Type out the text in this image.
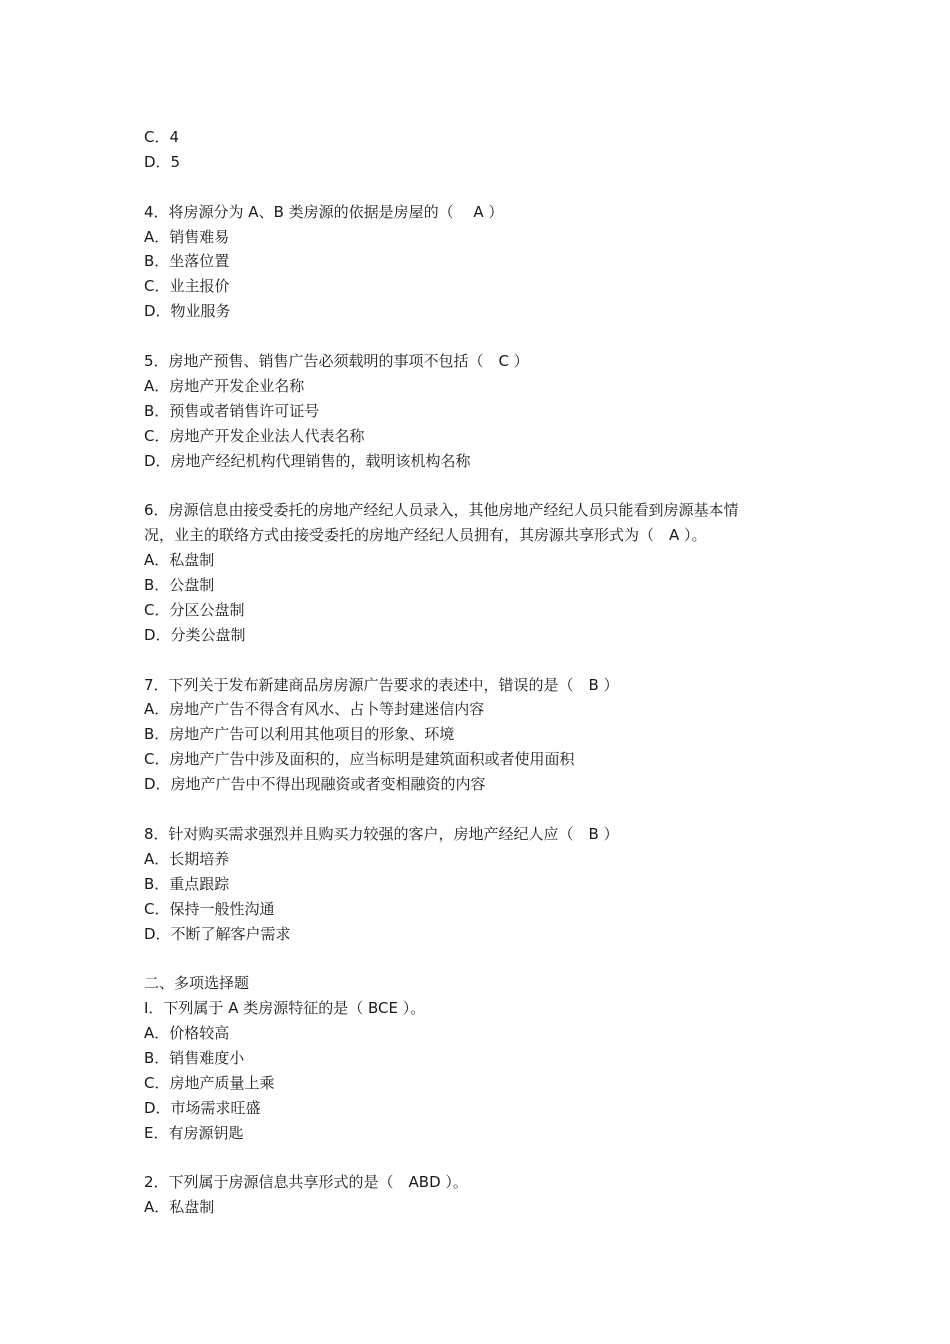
C．4
D．5
4．将房源分为 A、B 类房源的依据是房屋的（　 A ）
A．销售难易
B．坐落位置
C．业主报价
D．物业服务
5．房地产预售、销售广告必须载明的事项不包括（　C ）
A．房地产开发企业名称
B．预售或者销售许可证号
C．房地产开发企业法人代表名称
D．房地产经纪机构代理销售的，载明该机构名称
6．房源信息由接受委托的房地产经纪人员录入，其他房地产经纪人员只能看到房源基本情
况，业主的联络方式由接受委托的房地产经纪人员拥有，其房源共享形式为（　A ）。
A．私盘制
B．公盘制
C．分区公盘制
D．分类公盘制
7．下列关于发布新建商品房房源广告要求的表述中，错误的是（　B ）
A．房地产广告不得含有风水、占卜等封建迷信内容
B．房地产广告可以利用其他项目的形象、环境
C．房地产广告中涉及面积的，应当标明是建筑面积或者使用面积
D．房地产广告中不得出现融资或者变相融资的内容
8．针对购买需求强烈并且购买力较强的客户，房地产经纪人应（　B ）
A．长期培养
B．重点跟踪
C．保持一般性沟通
D．不断了解客户需求
二、多项选择题
I．下列属于 A 类房源特征的是（ BCE ）。
A．价格较高
B．销售难度小
C．房地产质量上乘
D．市场需求旺盛
E．有房源钥匙
2．下列属于房源信息共享形式的是（　ABD ）。
A．私盘制
